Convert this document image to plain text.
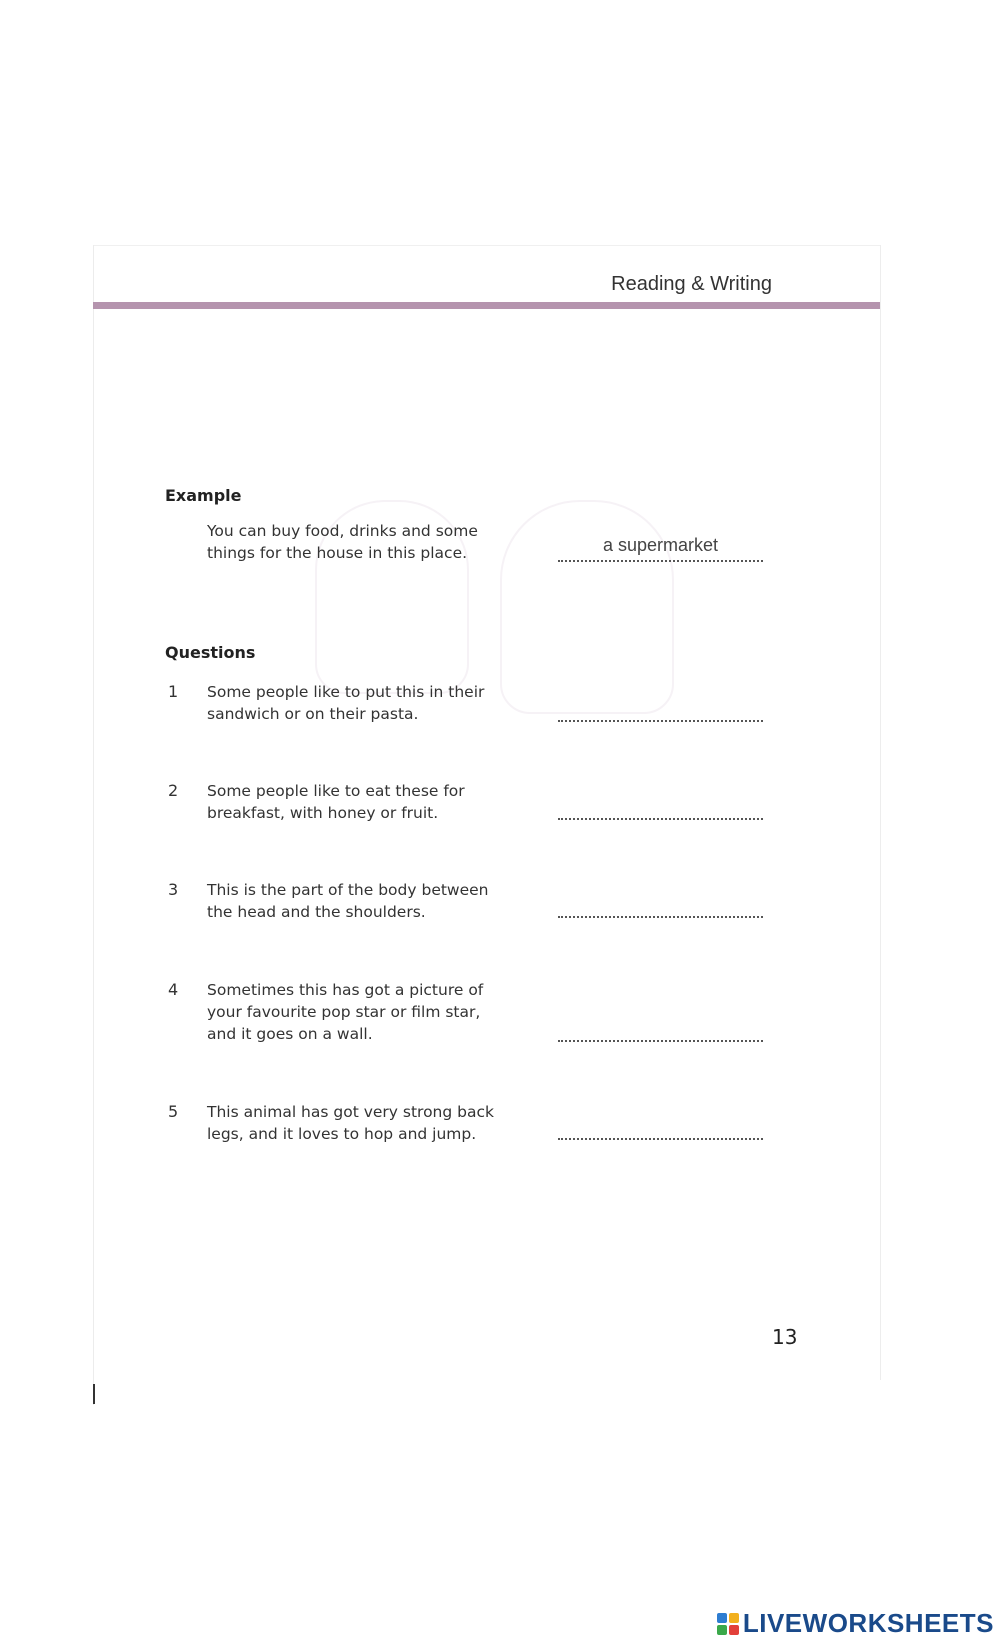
Reading & Writing
Example
You can buy food, drinks and some
things for the house in this place.	a supermarket
Questions
1 Some people like to put this in their
sandwich or on their pasta.
2 Some people like to eat these for
breakfast, with honey or fruit.
3 This is the part of the body between
the head and the shoulders.
4 Sometimes this has got a picture of
your favourite pop star or film star,
and it goes on a wall.
5 This animal has got very strong back
legs, and it loves to hop and jump.
13
LIVEWORKSHEETS
